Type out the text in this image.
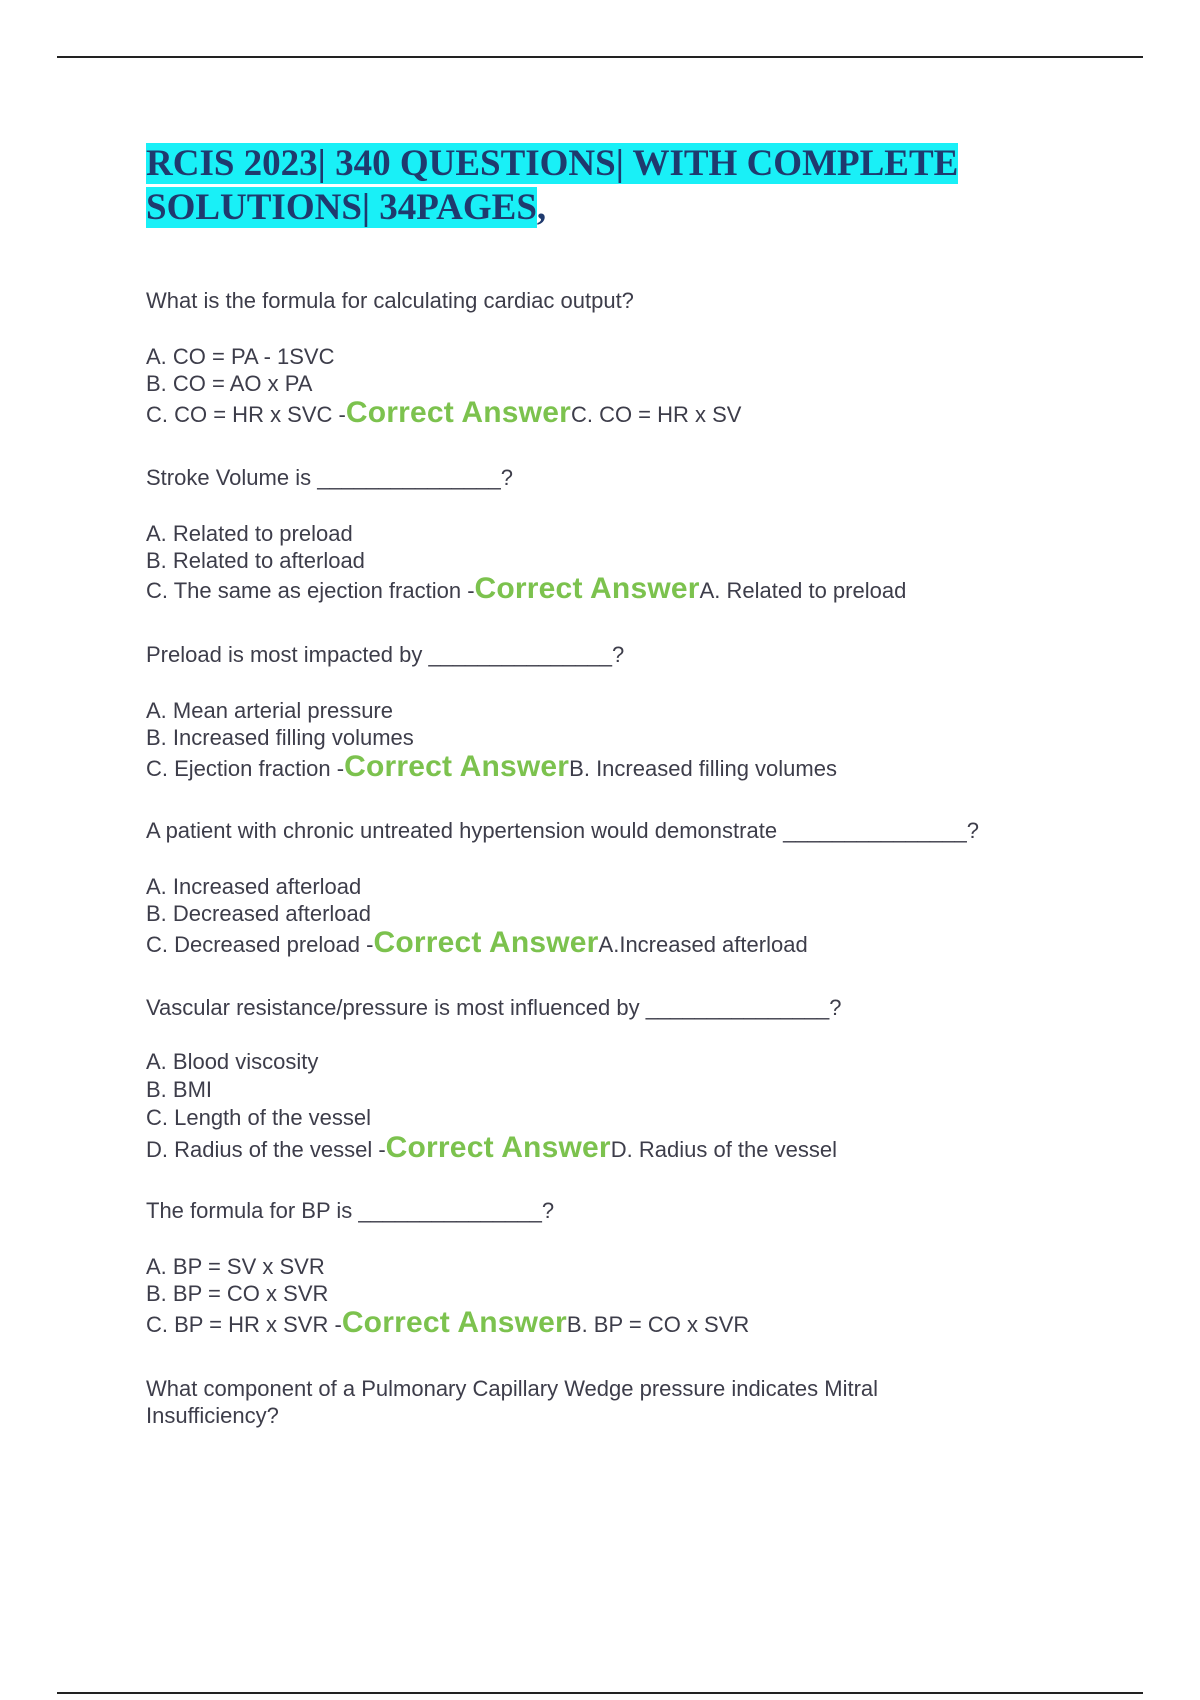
RCIS 2023| 340 QUESTIONS| WITH COMPLETE
SOLUTIONS| 34PAGES,
What is the formula for calculating cardiac output?
A. CO = PA - 1SVC
B. CO = AO x PA
C. CO = HR x SVC - Correct Answer C. CO = HR x SV
Stroke Volume is _______________?
A. Related to preload
B. Related to afterload
C. The same as ejection fraction - Correct Answer A. Related to preload
Preload is most impacted by _______________?
A. Mean arterial pressure
B. Increased filling volumes
C. Ejection fraction - Correct Answer B. Increased filling volumes
A patient with chronic untreated hypertension would demonstrate _______________?
A. Increased afterload
B. Decreased afterload
C. Decreased preload - Correct Answer A.Increased afterload
Vascular resistance/pressure is most influenced by _______________?
A. Blood viscosity
B. BMI
C. Length of the vessel
D. Radius of the vessel - Correct Answer D. Radius of the vessel
The formula for BP is _______________?
A. BP = SV x SVR
B. BP = CO x SVR
C. BP = HR x SVR - Correct Answer B. BP = CO x SVR
What component of a Pulmonary Capillary Wedge pressure indicates Mitral Insufficiency?
